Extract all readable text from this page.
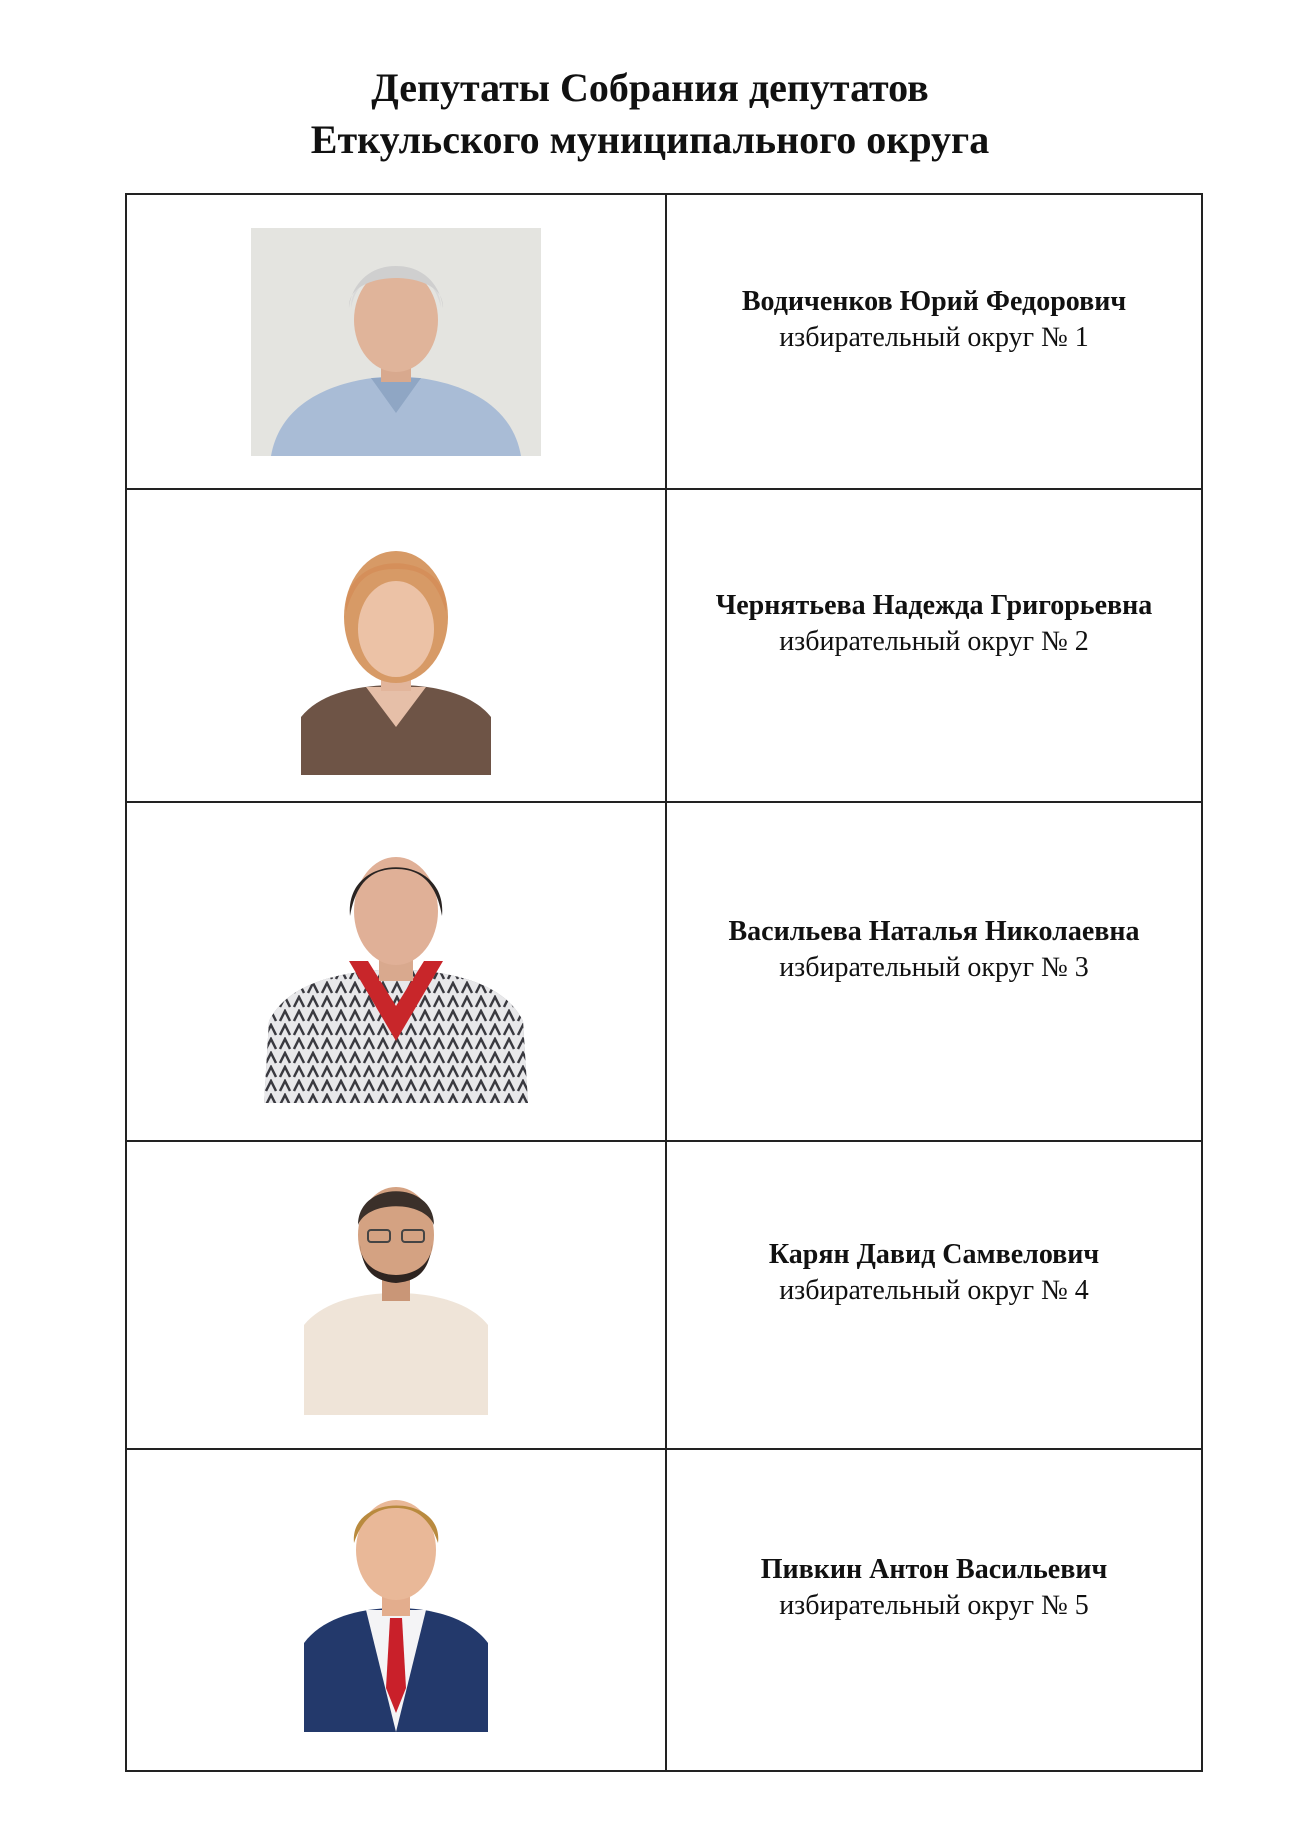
Депутаты Собрания депутатов
Еткульского муниципального округа

Водиченков Юрий Федорович
избирательный округ № 1

Чернятьева Надежда Григорьевна
избирательный округ № 2

Васильева Наталья Николаевна
избирательный округ № 3

Карян Давид Самвелович
избирательный округ № 4

Пивкин Антон Васильевич
избирательный округ № 5
